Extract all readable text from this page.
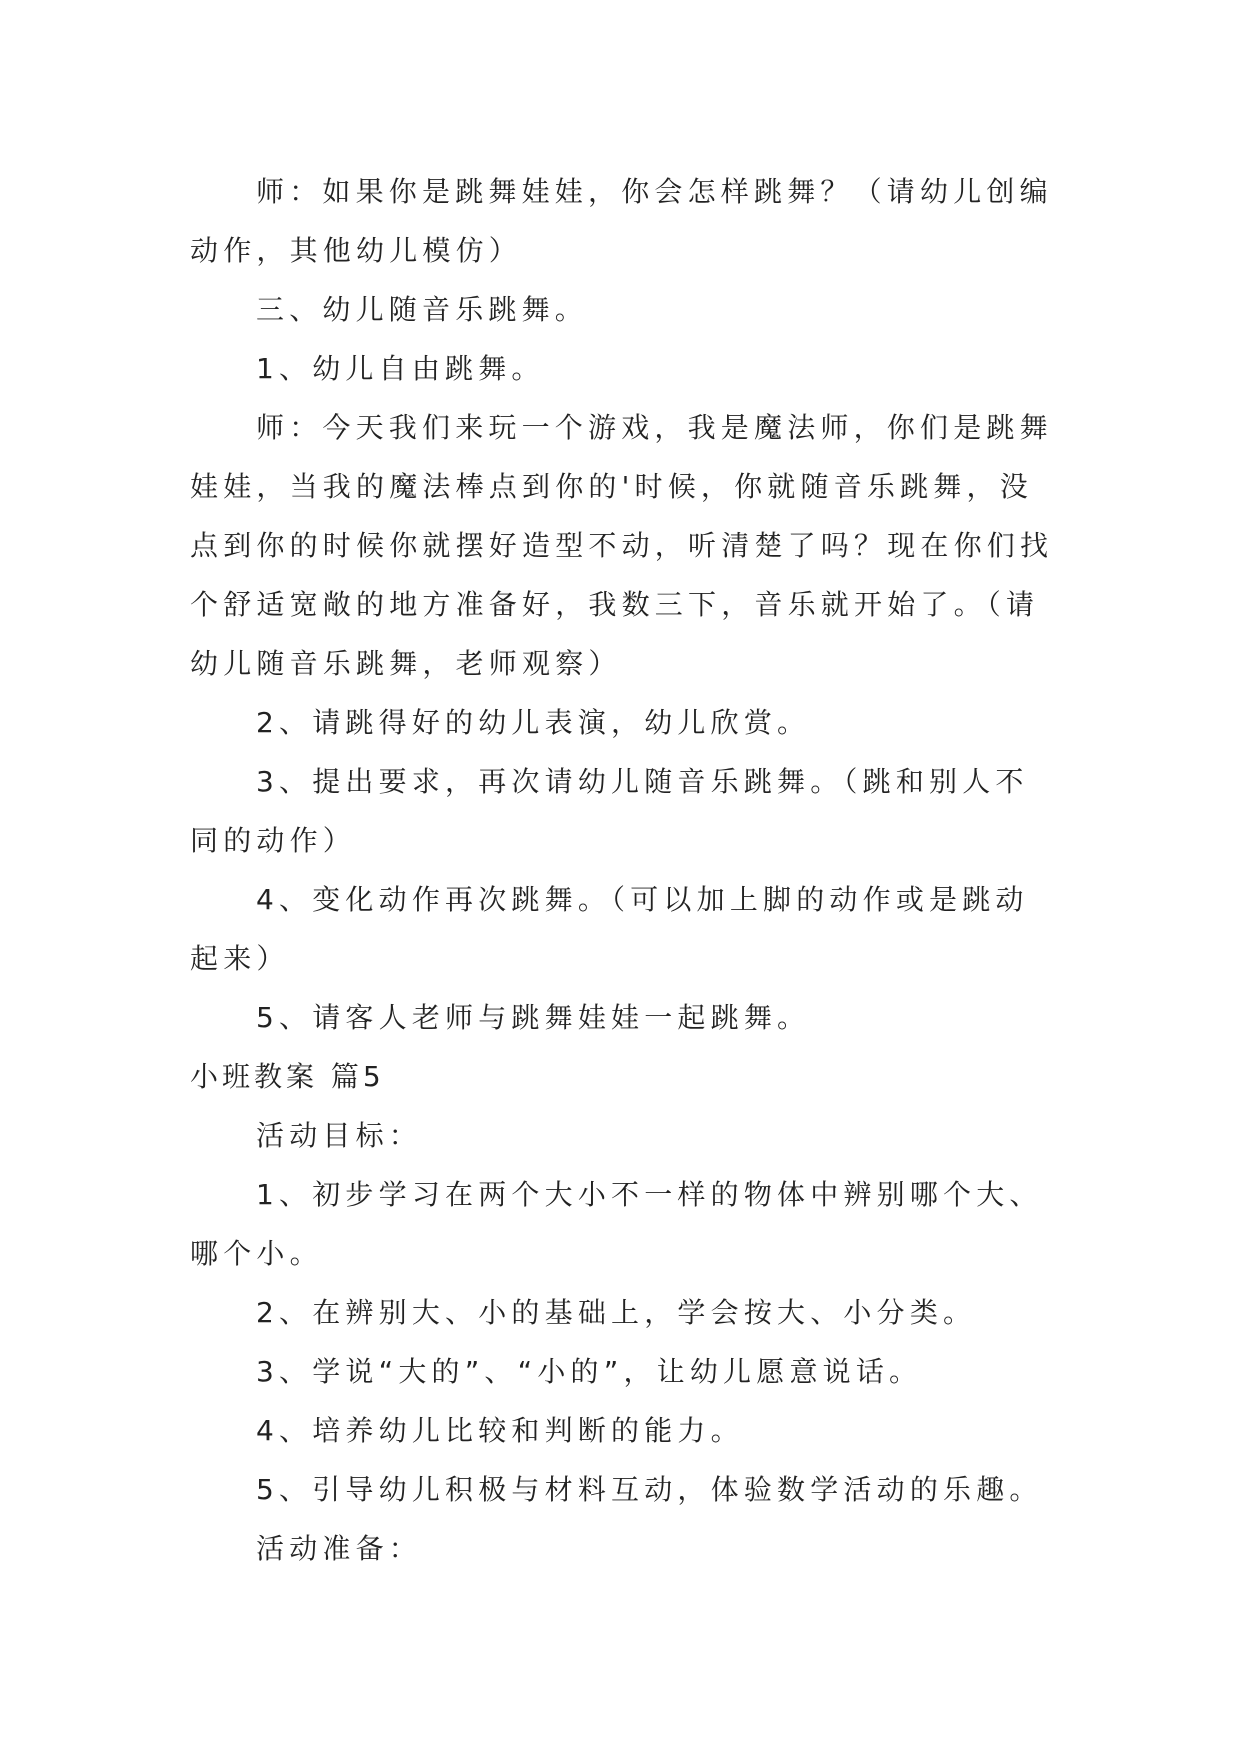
师：如果你是跳舞娃娃，你会怎样跳舞？（请幼儿创编动作，其他幼儿模仿）

三、幼儿随音乐跳舞。

1、幼儿自由跳舞。

师：今天我们来玩一个游戏，我是魔法师，你们是跳舞娃娃，当我的魔法棒点到你的'时候，你就随音乐跳舞，没点到你的时候你就摆好造型不动，听清楚了吗？现在你们找个舒适宽敞的地方准备好，我数三下，音乐就开始了。（请幼儿随音乐跳舞，老师观察）

2、请跳得好的幼儿表演，幼儿欣赏。

3、提出要求，再次请幼儿随音乐跳舞。（跳和别人不同的动作）

4、变化动作再次跳舞。（可以加上脚的动作或是跳动起来）

5、请客人老师与跳舞娃娃一起跳舞。

小班教案 篇5

活动目标：

1、初步学习在两个大小不一样的物体中辨别哪个大、哪个小。

2、在辨别大、小的基础上，学会按大、小分类。

3、学说“大的”、“小的”，让幼儿愿意说话。

4、培养幼儿比较和判断的能力。

5、引导幼儿积极与材料互动，体验数学活动的乐趣。

活动准备：
